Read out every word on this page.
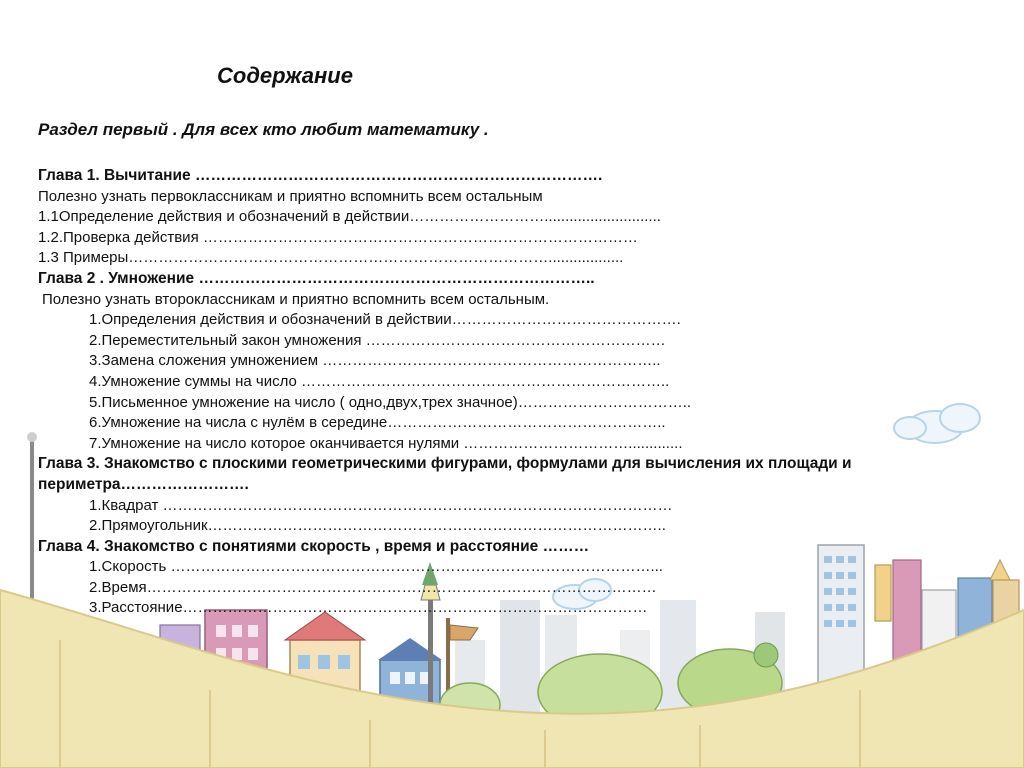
Содержание
Раздел первый . Для всех кто любит математику .
Глава 1. Вычитание …………………………………………………………………….
Полезно узнать первоклассникам и приятно вспомнить всем остальным
1.1Определение действия и обозначений в действии………………………............................
1.2.Проверка действия ……………………………………………………………………………
1.3 Примеры…………………………………………………………………………..................
Глава 2 . Умножение …………………………………………………………………..
Полезно узнать второклассникам и приятно вспомнить всем остальным.
1.Определения действия и обозначений в действии……………………………………….
2.Переместительный закон умножения ……………………………………………………
3.Замена сложения умножением …………………………………………………………..
4.Умножение суммы на число ………………………………………………………………..
5.Письменное умножение на число ( одно,двух,трех значное)……………………………..
6.Умножение на числа с нулём в середине………………………………………………..
7.Умножение на число которое оканчивается нулями …………………………….............
Глава 3. Знакомство с плоскими геометрическими фигурами, формулами для вычисления их площади и периметра…………………….
1.Квадрат …………………………………………………………………………………………
2.Прямоугольник………………………………………………………………………………..
Глава 4. Знакомство с понятиями скорость , время и расстояние ………
1.Скорость ……………………………………………………………………………………...
2.Время…………………………………………………………………………………………
3.Расстояние…………………………………………………………………………………
